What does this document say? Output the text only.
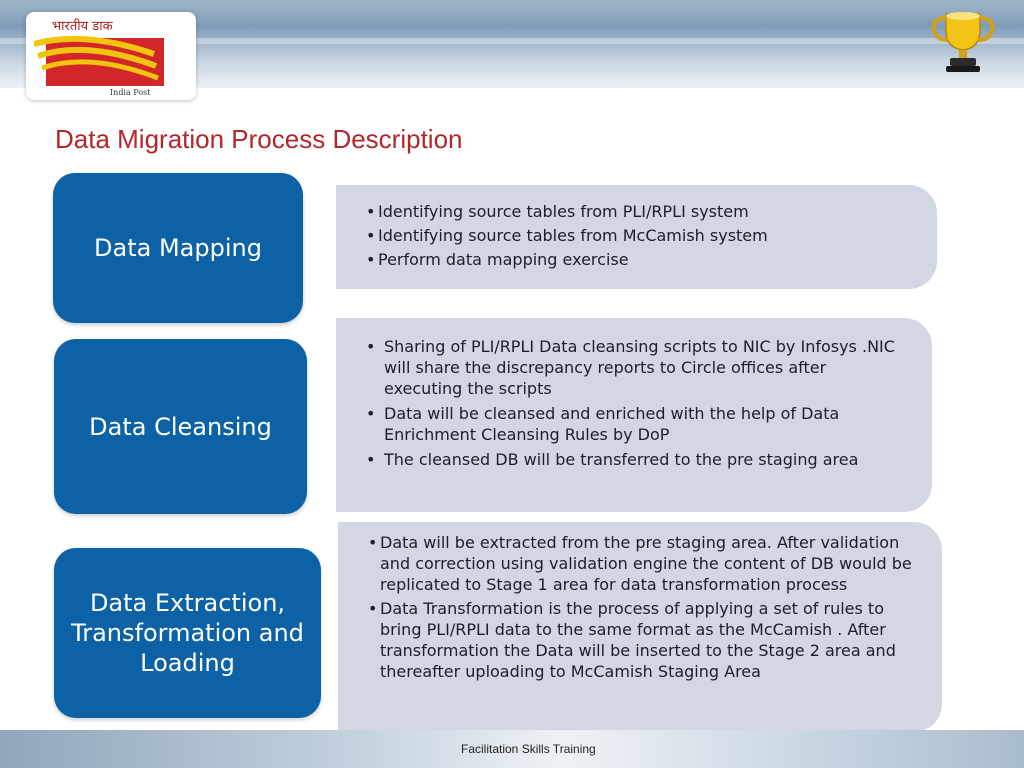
भारतीय डाक
India Post
Data Migration Process Description
Data Mapping
• Identifying source tables from PLI/RPLI system
• Identifying source tables from McCamish system
• Perform data mapping exercise
Data Cleansing
• Sharing of PLI/RPLI Data cleansing scripts to NIC by Infosys .NIC will share the discrepancy reports to Circle offices after executing the scripts
• Data will be cleansed and enriched with the help of Data Enrichment Cleansing Rules by DoP
• The cleansed DB will be transferred to the pre staging area
Data Extraction, Transformation and Loading
• Data will be extracted from the pre staging area. After validation and correction using validation engine the content of DB would be replicated to Stage 1 area for data transformation process
• Data Transformation is the process of applying a set of rules to bring PLI/RPLI data to the same format as the McCamish . After transformation the Data will be inserted to the Stage 2 area and thereafter uploading to McCamish Staging Area
Facilitation Skills Training
